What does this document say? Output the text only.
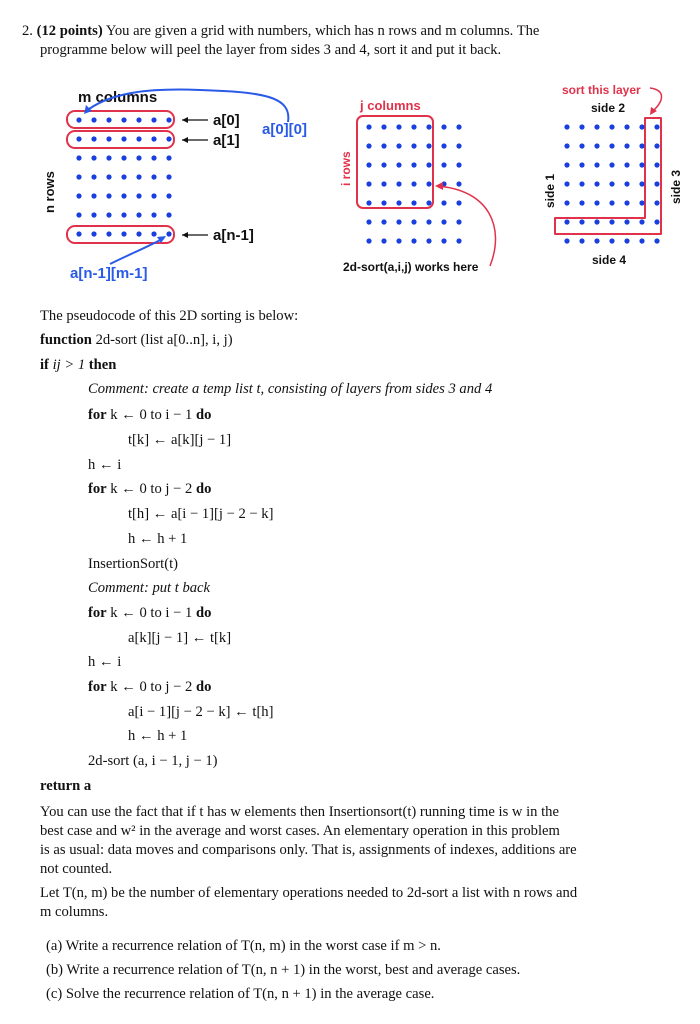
2. (12 points) You are given a grid with numbers, which has n rows and m columns. The
programme below will peel the layer from sides 3 and 4, sort it and put it back.
m columns
n rows
a[0]
a[1]
a[n-1]
a[0][0]
a[n-1][m-1]
j columns
i rows
2d-sort(a,i,j) works here
sort this layer
side 2
side 1	side 3
side 4
The pseudocode of this 2D sorting is below:
function 2d-sort (list a[0..n], i, j)
if ij > 1 then
Comment: create a temp list t, consisting of layers from sides 3 and 4
for k ← 0 to i − 1 do
t[k] ← a[k][j − 1]
h ← i
for k ← 0 to j − 2 do
t[h] ← a[i − 1][j − 2 − k]
h ← h + 1
InsertionSort(t)
Comment: put t back
for k ← 0 to i − 1 do
a[k][j − 1] ← t[k]
h ← i
for k ← 0 to j − 2 do
a[i − 1][j − 2 − k] ← t[h]
h ← h + 1
2d-sort (a, i − 1, j − 1)
return a
You can use the fact that if t has w elements then Insertionsort(t) running time is w in the
best case and w² in the average and worst cases. An elementary operation in this problem
is as usual: data moves and comparisons only. That is, assignments of indexes, additions are
not counted.
Let T(n, m) be the number of elementary operations needed to 2d-sort a list with n rows and
m columns.
(a) Write a recurrence relation of T(n, m) in the worst case if m > n.
(b) Write a recurrence relation of T(n, n + 1) in the worst, best and average cases.
(c) Solve the recurrence relation of T(n, n + 1) in the average case.
